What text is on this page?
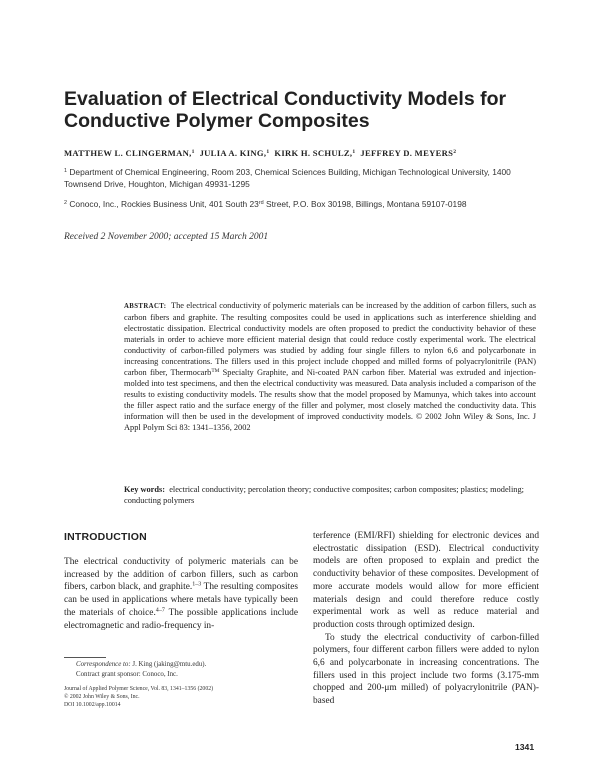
Evaluation of Electrical Conductivity Models for Conductive Polymer Composites
MATTHEW L. CLINGERMAN,$^1$ JULIA A. KING,$^1$ KIRK H. SCHULZ,$^1$ JEFFREY D. MEYERS$^2$
$^1$ Department of Chemical Engineering, Room 203, Chemical Sciences Building, Michigan Technological University, 1400 Townsend Drive, Houghton, Michigan 49931-1295
$^2$ Conoco, Inc., Rockies Business Unit, 401 South 23rd Street, P.O. Box 30198, Billings, Montana 59107-0198
Received 2 November 2000; accepted 15 March 2001
ABSTRACT: The electrical conductivity of polymeric materials can be increased by the addition of carbon fillers, such as carbon fibers and graphite. The resulting composites could be used in applications such as interference shielding and electrostatic dissipation. Electrical conductivity models are often proposed to predict the conductivity behavior of these materials in order to achieve more efficient material design that could reduce costly experimental work. The electrical conductivity of carbon-filled polymers was studied by adding four single fillers to nylon 6,6 and polycarbonate in increasing concentrations. The fillers used in this project include chopped and milled forms of polyacrylonitrile (PAN) carbon fiber, Thermocarb™ Specialty Graphite, and Ni-coated PAN carbon fiber. Material was extruded and injection-molded into test specimens, and then the electrical conductivity was measured. Data analysis included a comparison of the results to existing conductivity models. The results show that the model proposed by Mamunya, which takes into account the filler aspect ratio and the surface energy of the filler and polymer, most closely matched the conductivity data. This information will then be used in the development of improved conductivity models. © 2002 John Wiley & Sons, Inc. J Appl Polym Sci 83: 1341–1356, 2002
Key words: electrical conductivity; percolation theory; conductive composites; carbon composites; plastics; modeling; conducting polymers
INTRODUCTION
The electrical conductivity of polymeric materials can be increased by the addition of carbon fillers, such as carbon fibers, carbon black, and graphite.$^{1-3}$ The resulting composites can be used in applications where metals have typically been the materials of choice.$^{4-7}$ The possible applications include electromagnetic and radio-frequency in-

terference (EMI/RFI) shielding for electronic devices and electrostatic dissipation (ESD). Electrical conductivity models are often proposed to explain and predict the conductivity behavior of these composites. Development of more accurate models would allow for more efficient materials design and could therefore reduce costly experimental work as well as reduce material and production costs through optimized design.

To study the electrical conductivity of carbon-filled polymers, four different carbon fillers were added to nylon 6,6 and polycarbonate in increasing concentrations. The fillers used in this project include two forms (3.175-mm chopped and 200-μm milled) of polyacrylonitrile (PAN)-based

Correspondence to: J. King (jaking@mtu.edu).
Contract grant sponsor: Conoco, Inc.
Journal of Applied Polymer Science, Vol. 83, 1341–1356 (2002)
© 2002 John Wiley & Sons, Inc.
DOI 10.1002/app.10014
1341
